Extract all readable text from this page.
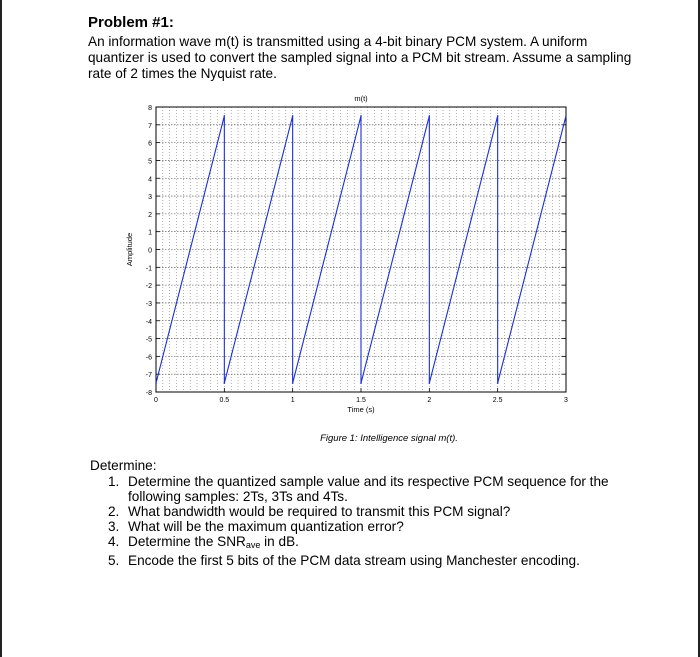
Problem #1:
An information wave m(t) is transmitted using a 4-bit binary PCM system. A uniform
quantizer is used to convert the sampled signal into a PCM bit stream. Assume a sampling
rate of 2 times the Nyquist rate.
-8
-7
-6
-5
-4
-3
-2
-1
0
1
2
3
4
5
6
7
8
0	0.5	1	1.5	2	2.5	3
m(t)
Time (s)
Amplitude
Figure 1: Intelligence signal m(t).
Determine:
1. Determine the quantized sample value and its respective PCM sequence for the following samples: 2Ts, 3Ts and 4Ts.
2. What bandwidth would be required to transmit this PCM signal?
3. What will be the maximum quantization error?
4. Determine the $SNR_{ave}$ in dB.
5. Encode the first 5 bits of the PCM data stream using Manchester encoding.
